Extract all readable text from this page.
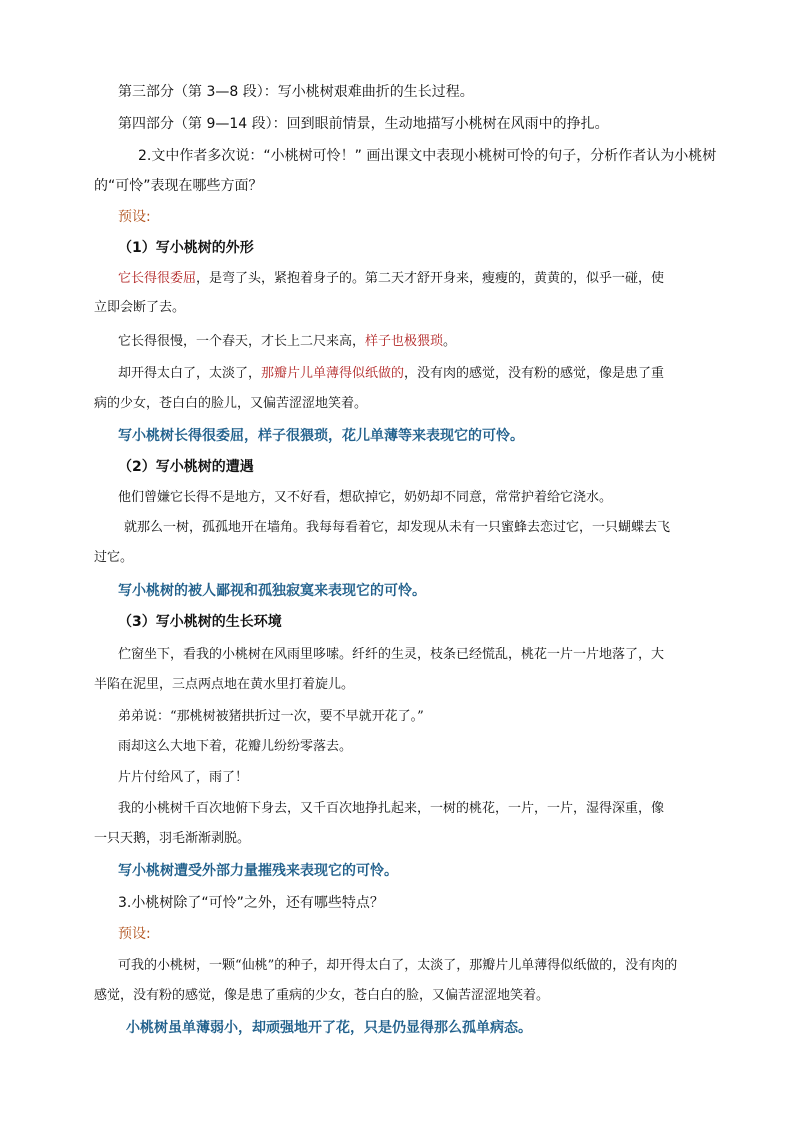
第三部分（第 3—8 段）：写小桃树艰难曲折的生长过程。
第四部分（第 9—14 段）：回到眼前情景，生动地描写小桃树在风雨中的挣扎。
2.文中作者多次说：“小桃树可怜！” 画出课文中表现小桃树可怜的句子，分析作者认为小桃树
的“可怜”表现在哪些方面？
预设:
（1）写小桃树的外形
它长得很委屈，是弯了头，紧抱着身子的。第二天才舒开身来，瘦瘦的，黄黄的，似乎一碰，使
立即会断了去。
它长得很慢，一个春天，才长上二尺来高，样子也极猥琐。
却开得太白了，太淡了，那瓣片儿单薄得似纸做的，没有肉的感觉，没有粉的感觉，像是患了重
病的少女，苍白白的脸儿，又偏苦涩涩地笑着。
写小桃树长得很委屈，样子很猥琐，花儿单薄等来表现它的可怜。
（2）写小桃树的遭遇
他们曾嫌它长得不是地方，又不好看，想砍掉它，奶奶却不同意，常常护着给它浇水。
就那么一树，孤孤地开在墙角。我每每看着它，却发现从未有一只蜜蜂去恋过它，一只蝴蝶去飞
过它。
写小桃树的被人鄙视和孤独寂寞来表现它的可怜。
（3）写小桃树的生长环境
伫窗坐下，看我的小桃树在风雨里哆嗦。纤纤的生灵，枝条已经慌乱，桃花一片一片地落了，大
半陷在泥里，三点两点地在黄水里打着旋儿。
弟弟说：“那桃树被猪拱折过一次，要不早就开花了。”
雨却这么大地下着，花瓣儿纷纷零落去。
片片付给风了，雨了！
我的小桃树千百次地俯下身去，又千百次地挣扎起来，一树的桃花，一片，一片，湿得深重，像
一只天鹅，羽毛渐渐剥脱。
写小桃树遭受外部力量摧残来表现它的可怜。
3.小桃树除了“可怜”之外，还有哪些特点？
预设:
可我的小桃树，一颗“仙桃”的种子，却开得太白了，太淡了，那瓣片儿单薄得似纸做的，没有肉的
感觉，没有粉的感觉，像是患了重病的少女，苍白白的脸，又偏苦涩涩地笑着。
小桃树虽单薄弱小，却顽强地开了花，只是仍显得那么孤单病态。
